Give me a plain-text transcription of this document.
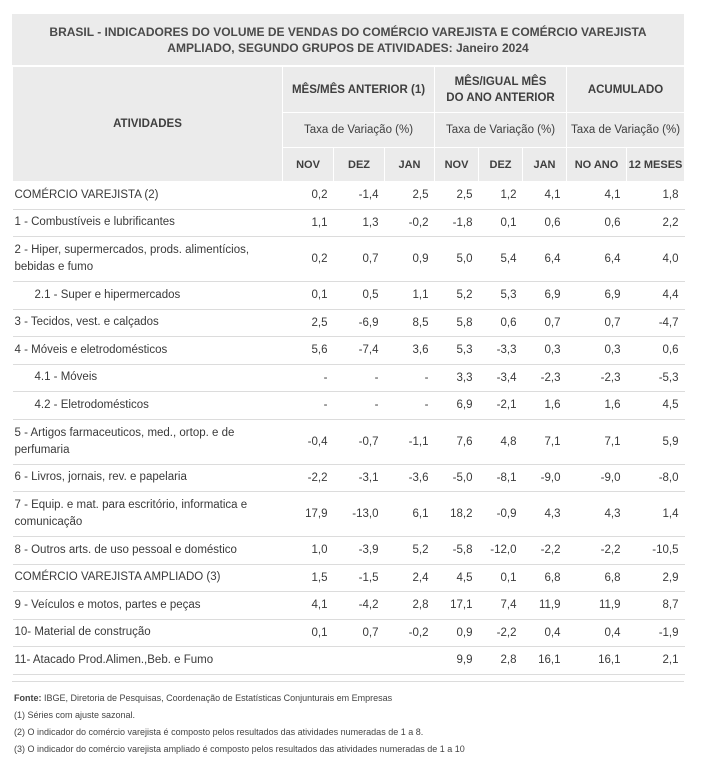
BRASIL - INDICADORES DO VOLUME DE VENDAS DO COMÉRCIO VAREJISTA E COMÉRCIO VAREJISTA AMPLIADO, SEGUNDO GRUPOS DE ATIVIDADES: Janeiro 2024
ATIVIDADES	MÊS/MÊS ANTERIOR (1)			MÊS/IGUAL MÊS DO ANO ANTERIOR			ACUMULADO	
	Taxa de Variação (%)			Taxa de Variação (%)			Taxa de Variação (%)	
	NOV	DEZ	JAN	NOV	DEZ	JAN	NO ANO	12 MESES
COMÉRCIO VAREJISTA (2)	0,2	-1,4	2,5	2,5	1,2	4,1	4,1	1,8
1 - Combustíveis e lubrificantes	1,1	1,3	-0,2	-1,8	0,1	0,6	0,6	2,2
2 - Hiper, supermercados, prods. alimentícios, bebidas e fumo	0,2	0,7	0,9	5,0	5,4	6,4	6,4	4,0
2.1 - Super e hipermercados	0,1	0,5	1,1	5,2	5,3	6,9	6,9	4,4
3 - Tecidos, vest. e calçados	2,5	-6,9	8,5	5,8	0,6	0,7	0,7	-4,7
4 - Móveis e eletrodomésticos	5,6	-7,4	3,6	5,3	-3,3	0,3	0,3	0,6
4.1 - Móveis	-	-	-	3,3	-3,4	-2,3	-2,3	-5,3
4.2 - Eletrodomésticos	-	-	-	6,9	-2,1	1,6	1,6	4,5
5 - Artigos farmaceuticos, med., ortop. e de perfumaria	-0,4	-0,7	-1,1	7,6	4,8	7,1	7,1	5,9
6 - Livros, jornais, rev. e papelaria	-2,2	-3,1	-3,6	-5,0	-8,1	-9,0	-9,0	-8,0
7 - Equip. e mat. para escritório, informatica e comunicação	17,9	-13,0	6,1	18,2	-0,9	4,3	4,3	1,4
8 - Outros arts. de uso pessoal e doméstico	1,0	-3,9	5,2	-5,8	-12,0	-2,2	-2,2	-10,5
COMÉRCIO VAREJISTA AMPLIADO (3)	1,5	-1,5	2,4	4,5	0,1	6,8	6,8	2,9
9 - Veículos e motos, partes e peças	4,1	-4,2	2,8	17,1	7,4	11,9	11,9	8,7
10- Material de construção	0,1	0,7	-0,2	0,9	-2,2	0,4	0,4	-1,9
11- Atacado Prod.Alimen.,Beb. e Fumo				9,9	2,8	16,1	16,1	2,1
Fonte: IBGE, Diretoria de Pesquisas, Coordenação de Estatísticas Conjunturais em Empresas
(1) Séries com ajuste sazonal.
(2) O indicador do comércio varejista é composto pelos resultados das atividades numeradas de 1 a 8.
(3) O indicador do comércio varejista ampliado é composto pelos resultados das atividades numeradas de 1 a 10
